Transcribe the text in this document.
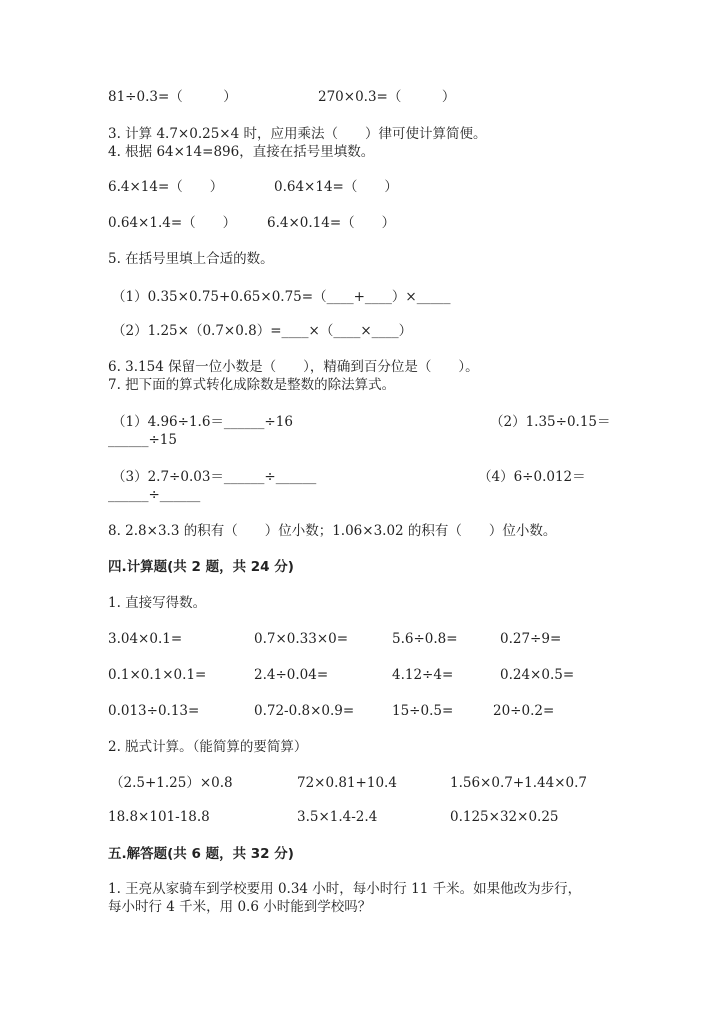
81÷0.3=（　　　）	270×0.3=（　　　）
3. 计算 4.7×0.25×4 时，应用乘法（　　）律可使计算简便。
4. 根据 64×14=896，直接在括号里填数。
6.4×14=（　　）	0.64×14=（　　）
0.64×1.4=（　　） 6.4×0.14=（　　）
5. 在括号里填上合适的数。
（1）0.35×0.75+0.65×0.75=（____+____）×_____
（2）1.25×（0.7×0.8）=____×（____×____）
6. 3.154 保留一位小数是（　　），精确到百分位是（　　）。
7. 把下面的算式转化成除数是整数的除法算式。
（1）4.96÷1.6＝______÷16	（2）1.35÷0.15＝
______÷15
（3）2.7÷0.03＝______÷______	（4）6÷0.012＝
______÷______
8. 2.8×3.3 的积有（　　）位小数；1.06×3.02 的积有（　　）位小数。
四.计算题(共 2 题，共 24 分)
1. 直接写得数。
3.04×0.1=	0.7×0.33×0=	5.6÷0.8=	0.27÷9=
0.1×0.1×0.1=	2.4÷0.04=	4.12÷4=	0.24×0.5=
0.013÷0.13=	0.72-0.8×0.9=	15÷0.5=	20÷0.2=
2. 脱式计算。（能简算的要简算）
（2.5+1.25）×0.8	72×0.81+10.4	1.56×0.7+1.44×0.7
18.8×101-18.8	3.5×1.4-2.4	0.125×32×0.25
五.解答题(共 6 题，共 32 分)
1. 王亮从家骑车到学校要用 0.34 小时，每小时行 11 千米。如果他改为步行，
每小时行 4 千米，用 0.6 小时能到学校吗？
